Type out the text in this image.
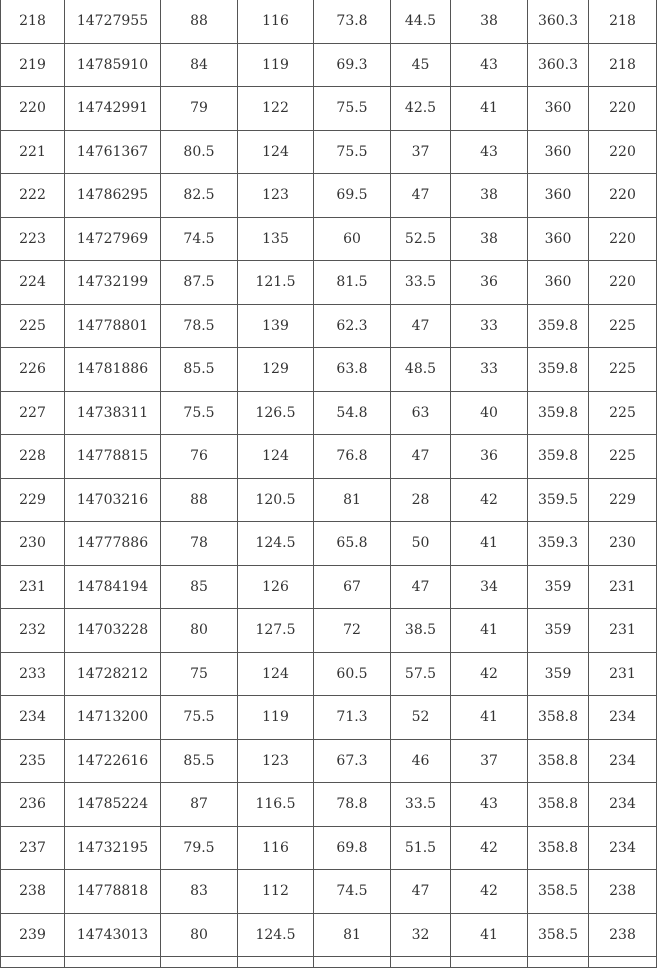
218	14727955	88	116	73.8	44.5	38	360.3	218
219	14785910	84	119	69.3	45	43	360.3	218
220	14742991	79	122	75.5	42.5	41	360	220
221	14761367	80.5	124	75.5	37	43	360	220
222	14786295	82.5	123	69.5	47	38	360	220
223	14727969	74.5	135	60	52.5	38	360	220
224	14732199	87.5	121.5	81.5	33.5	36	360	220
225	14778801	78.5	139	62.3	47	33	359.8	225
226	14781886	85.5	129	63.8	48.5	33	359.8	225
227	14738311	75.5	126.5	54.8	63	40	359.8	225
228	14778815	76	124	76.8	47	36	359.8	225
229	14703216	88	120.5	81	28	42	359.5	229
230	14777886	78	124.5	65.8	50	41	359.3	230
231	14784194	85	126	67	47	34	359	231
232	14703228	80	127.5	72	38.5	41	359	231
233	14728212	75	124	60.5	57.5	42	359	231
234	14713200	75.5	119	71.3	52	41	358.8	234
235	14722616	85.5	123	67.3	46	37	358.8	234
236	14785224	87	116.5	78.8	33.5	43	358.8	234
237	14732195	79.5	116	69.8	51.5	42	358.8	234
238	14778818	83	112	74.5	47	42	358.5	238
239	14743013	80	124.5	81	32	41	358.5	238
